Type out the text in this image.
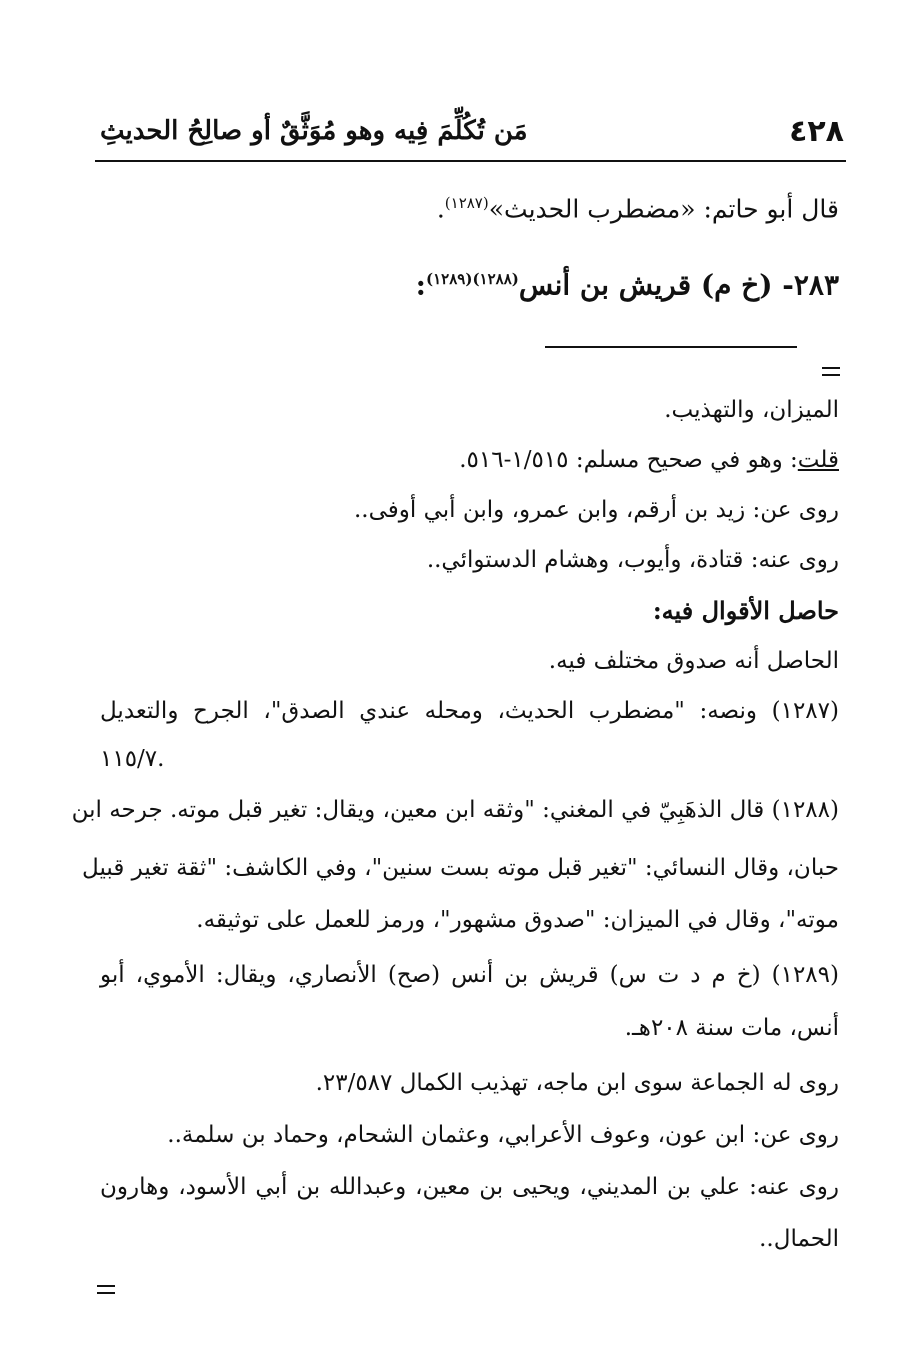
٤٢٨
مَن تُكُلِّمَ فِيه وهو مُوَثَّقٌ أو صالِحُ الحديثِ
قال أبو حاتم: «مضطرب الحديث»$^{(١٢٨٧)}$.
٢٨٣- (خ م) قريش بن أنس$^{(١٢٨٨)(١٢٨٩)}$:
الميزان، والتهذيب.
قلت: وهو في صحيح مسلم: ١/٥١٥-٥١٦.
روى عن: زيد بن أرقم، وابن عمرو، وابن أبي أوفى..
روى عنه: قتادة، وأيوب، وهشام الدستوائي..
حاصل الأقوال فيه:
الحاصل أنه صدوق مختلف فيه.
(١٢٨٧) ونصه: "مضطرب الحديث، ومحله عندي الصدق"، الجرح والتعديل
١١٥/٧.
(١٢٨٨) قال الذهَبِيّ في المغني: "وثقه ابن معين، ويقال: تغير قبل موته. جرحه ابن
حبان، وقال النسائي: "تغير قبل موته بست سنين"، وفي الكاشف: "ثقة تغير قبيل
موته"، وقال في الميزان: "صدوق مشهور"، ورمز للعمل على توثيقه.
(١٢٨٩) (خ م د ت س) قريش بن أنس (صح) الأنصاري، ويقال: الأموي، أبو
أنس، مات سنة ٢٠٨هـ.
روى له الجماعة سوى ابن ماجه، تهذيب الكمال ٢٣/٥٨٧.
روى عن: ابن عون، وعوف الأعرابي، وعثمان الشحام، وحماد بن سلمة..
روى عنه: علي بن المديني، ويحيى بن معين، وعبدالله بن أبي الأسود، وهارون
الحمال..
